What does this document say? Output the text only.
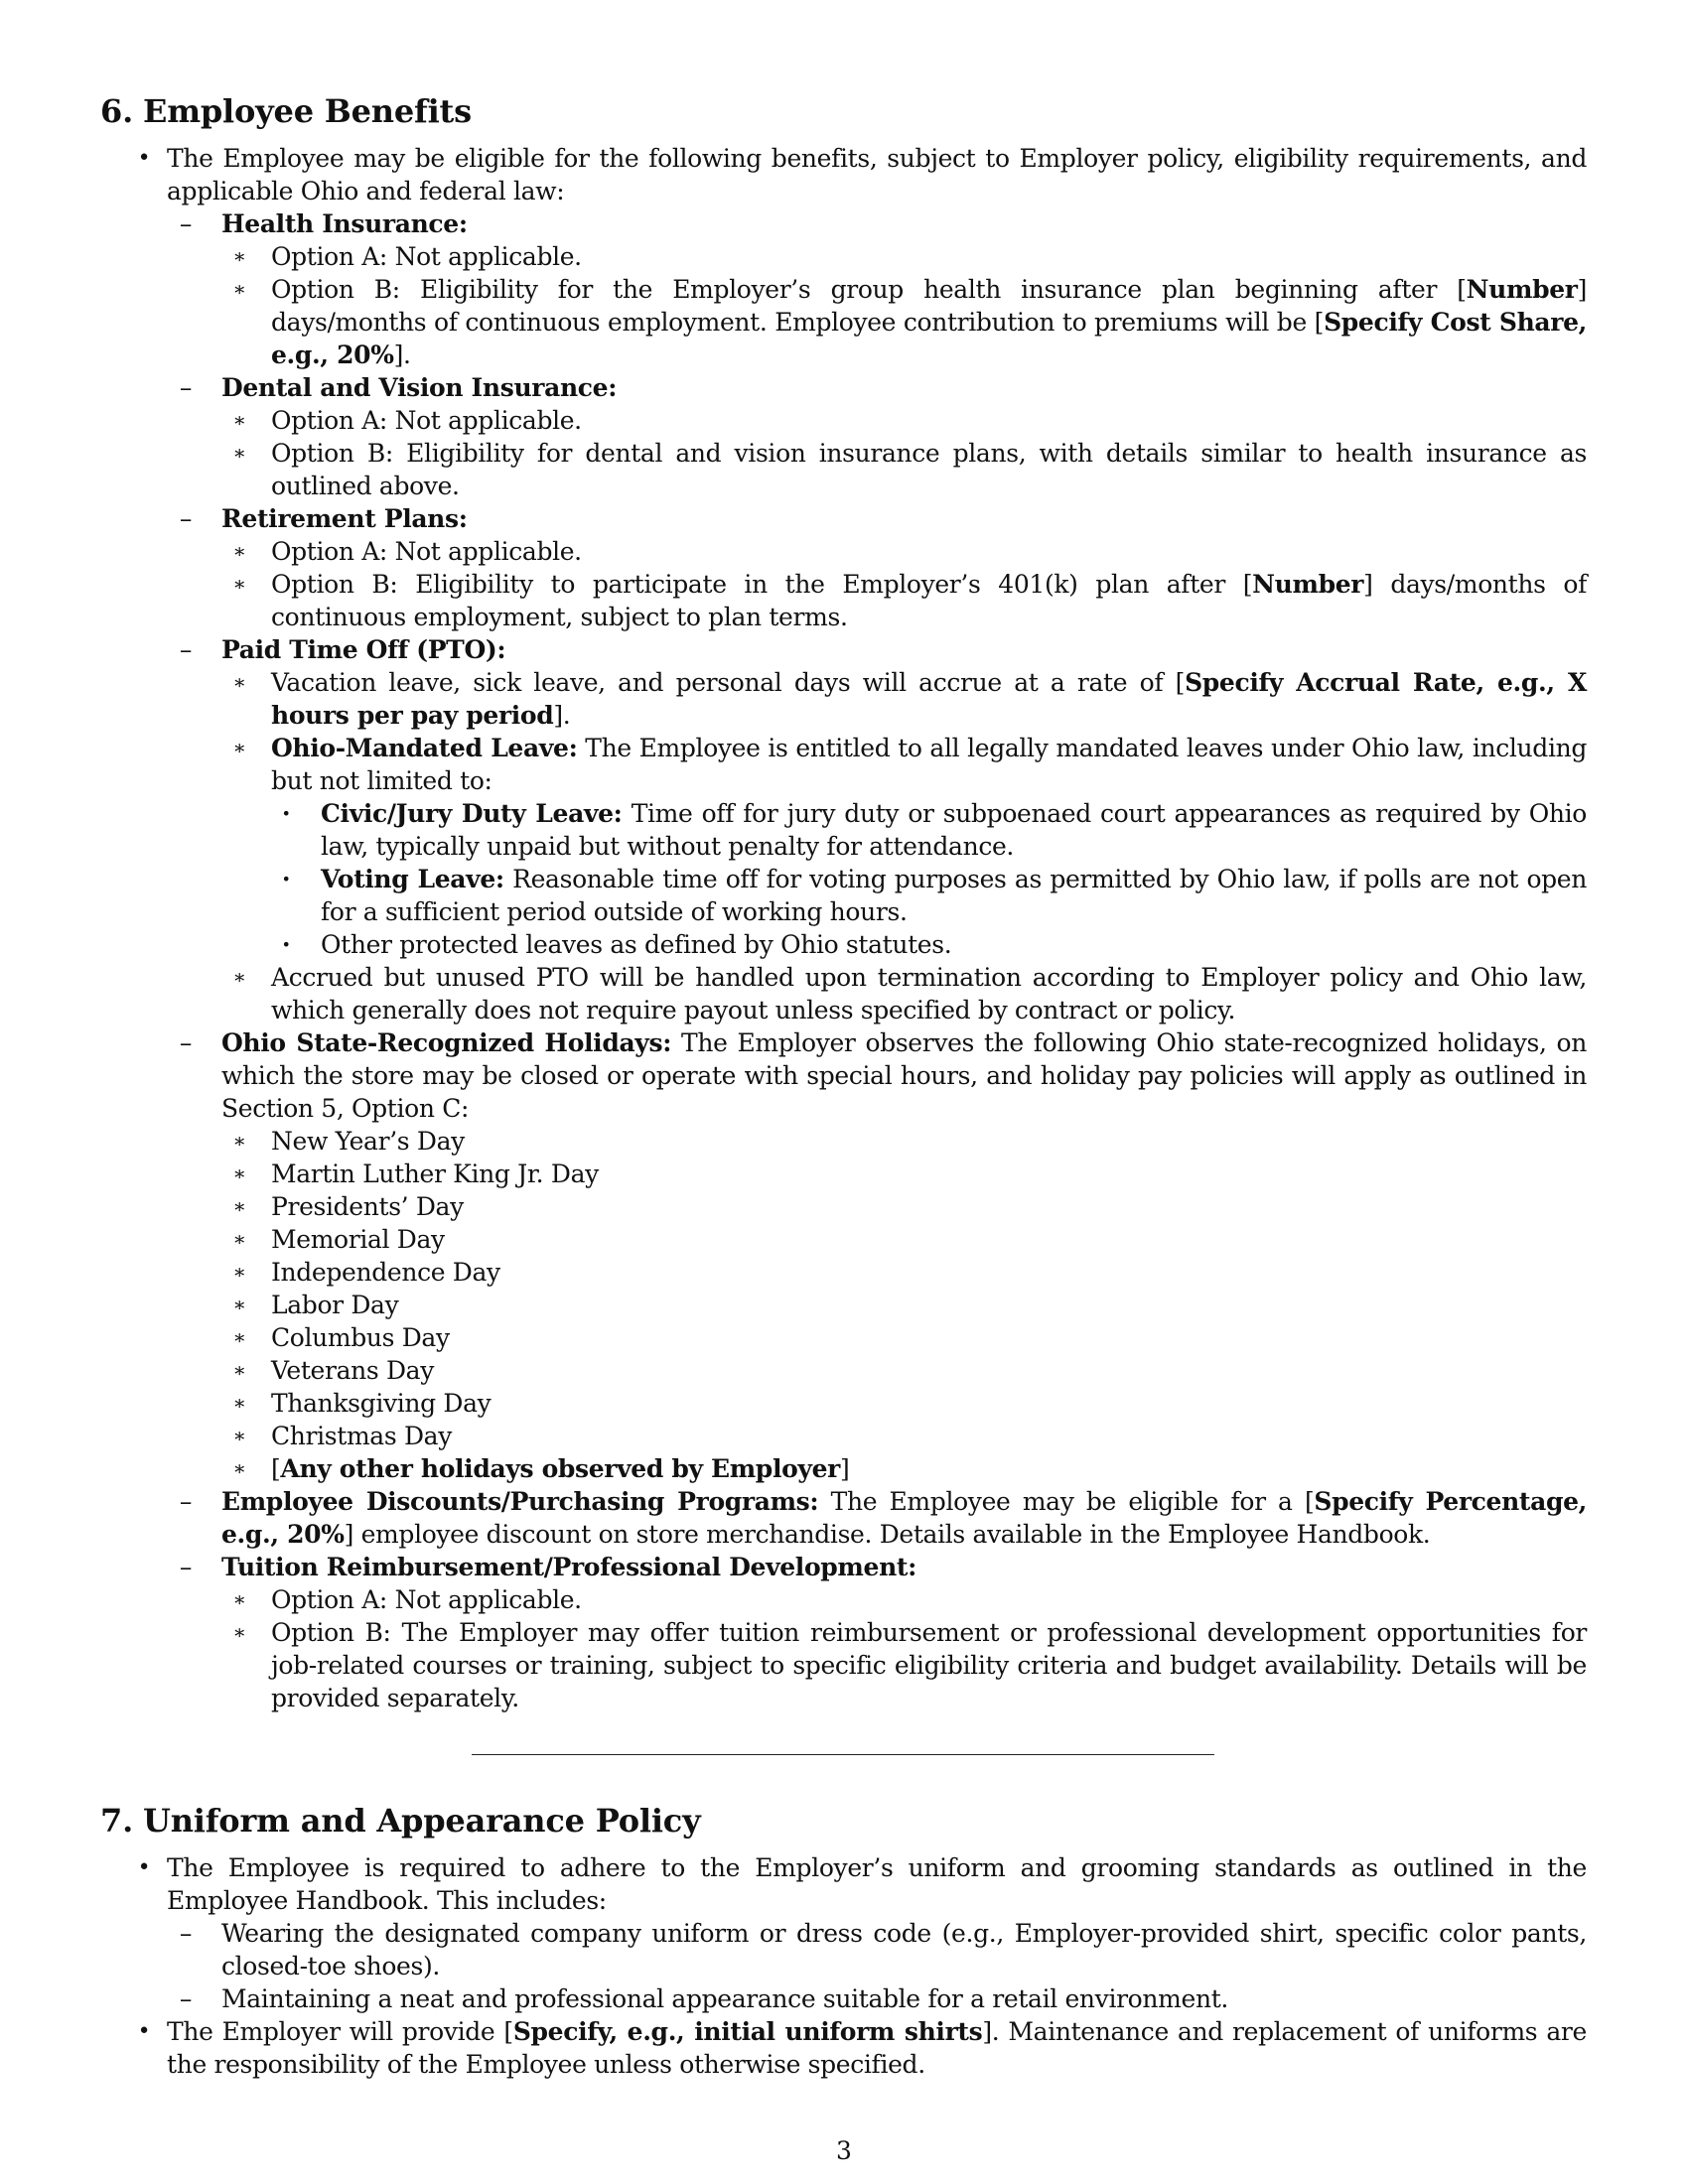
6. Employee Benefits
• The Employee may be eligible for the following benefits, subject to Employer policy, eligibility requirements, and applicable Ohio and federal law:
–	Health Insurance:
∗	Option A: Not applicable.
∗	Option B: Eligibility for the Employer’s group health insurance plan beginning after [Number] days/months of continuous employment. Employee contribution to premiums will be [Specify Cost Share, e.g., 20%].
–	Dental and Vision Insurance:
∗	Option A: Not applicable.
∗	Option B: Eligibility for dental and vision insurance plans, with details similar to health insurance as outlined above.
–	Retirement Plans:
∗	Option A: Not applicable.
∗	Option B: Eligibility to participate in the Employer’s 401(k) plan after [Number] days/months of continuous employment, subject to plan terms.
–	Paid Time Off (PTO):
∗	Vacation leave, sick leave, and personal days will accrue at a rate of [Specify Accrual Rate, e.g., X hours per pay period].
∗	Ohio-Mandated Leave: The Employee is entitled to all legally mandated leaves under Ohio law, including but not limited to:
·	Civic/Jury Duty Leave: Time off for jury duty or subpoenaed court appearances as required by Ohio law, typically unpaid but without penalty for attendance.
·	Voting Leave: Reasonable time off for voting purposes as permitted by Ohio law, if polls are not open for a sufficient period outside of working hours.
·	Other protected leaves as defined by Ohio statutes.
∗	Accrued but unused PTO will be handled upon termination according to Employer policy and Ohio law, which generally does not require payout unless specified by contract or policy.
–	Ohio State-Recognized Holidays: The Employer observes the following Ohio state-recognized holidays, on which the store may be closed or operate with special hours, and holiday pay policies will apply as outlined in Section 5, Option C:
∗	New Year’s Day
∗	Martin Luther King Jr. Day
∗	Presidents’ Day
∗	Memorial Day
∗	Independence Day
∗	Labor Day
∗	Columbus Day
∗	Veterans Day
∗	Thanksgiving Day
∗	Christmas Day
∗	[Any other holidays observed by Employer]
–	Employee Discounts/Purchasing Programs: The Employee may be eligible for a [Specify Percentage, e.g., 20%] employee discount on store merchandise. Details available in the Employee Handbook.
–	Tuition Reimbursement/Professional Development:
∗	Option A: Not applicable.
∗	Option B: The Employer may offer tuition reimbursement or professional development opportunities for job-related courses or training, subject to specific eligibility criteria and budget availability. Details will be provided separately.
7. Uniform and Appearance Policy
• The Employee is required to adhere to the Employer’s uniform and grooming standards as outlined in the Employee Handbook. This includes:
–	Wearing the designated company uniform or dress code (e.g., Employer-provided shirt, specific color pants, closed-toe shoes).
–	Maintaining a neat and professional appearance suitable for a retail environment.
• The Employer will provide [Specify, e.g., initial uniform shirts]. Maintenance and replacement of uniforms are the responsibility of the Employee unless otherwise specified.
3
